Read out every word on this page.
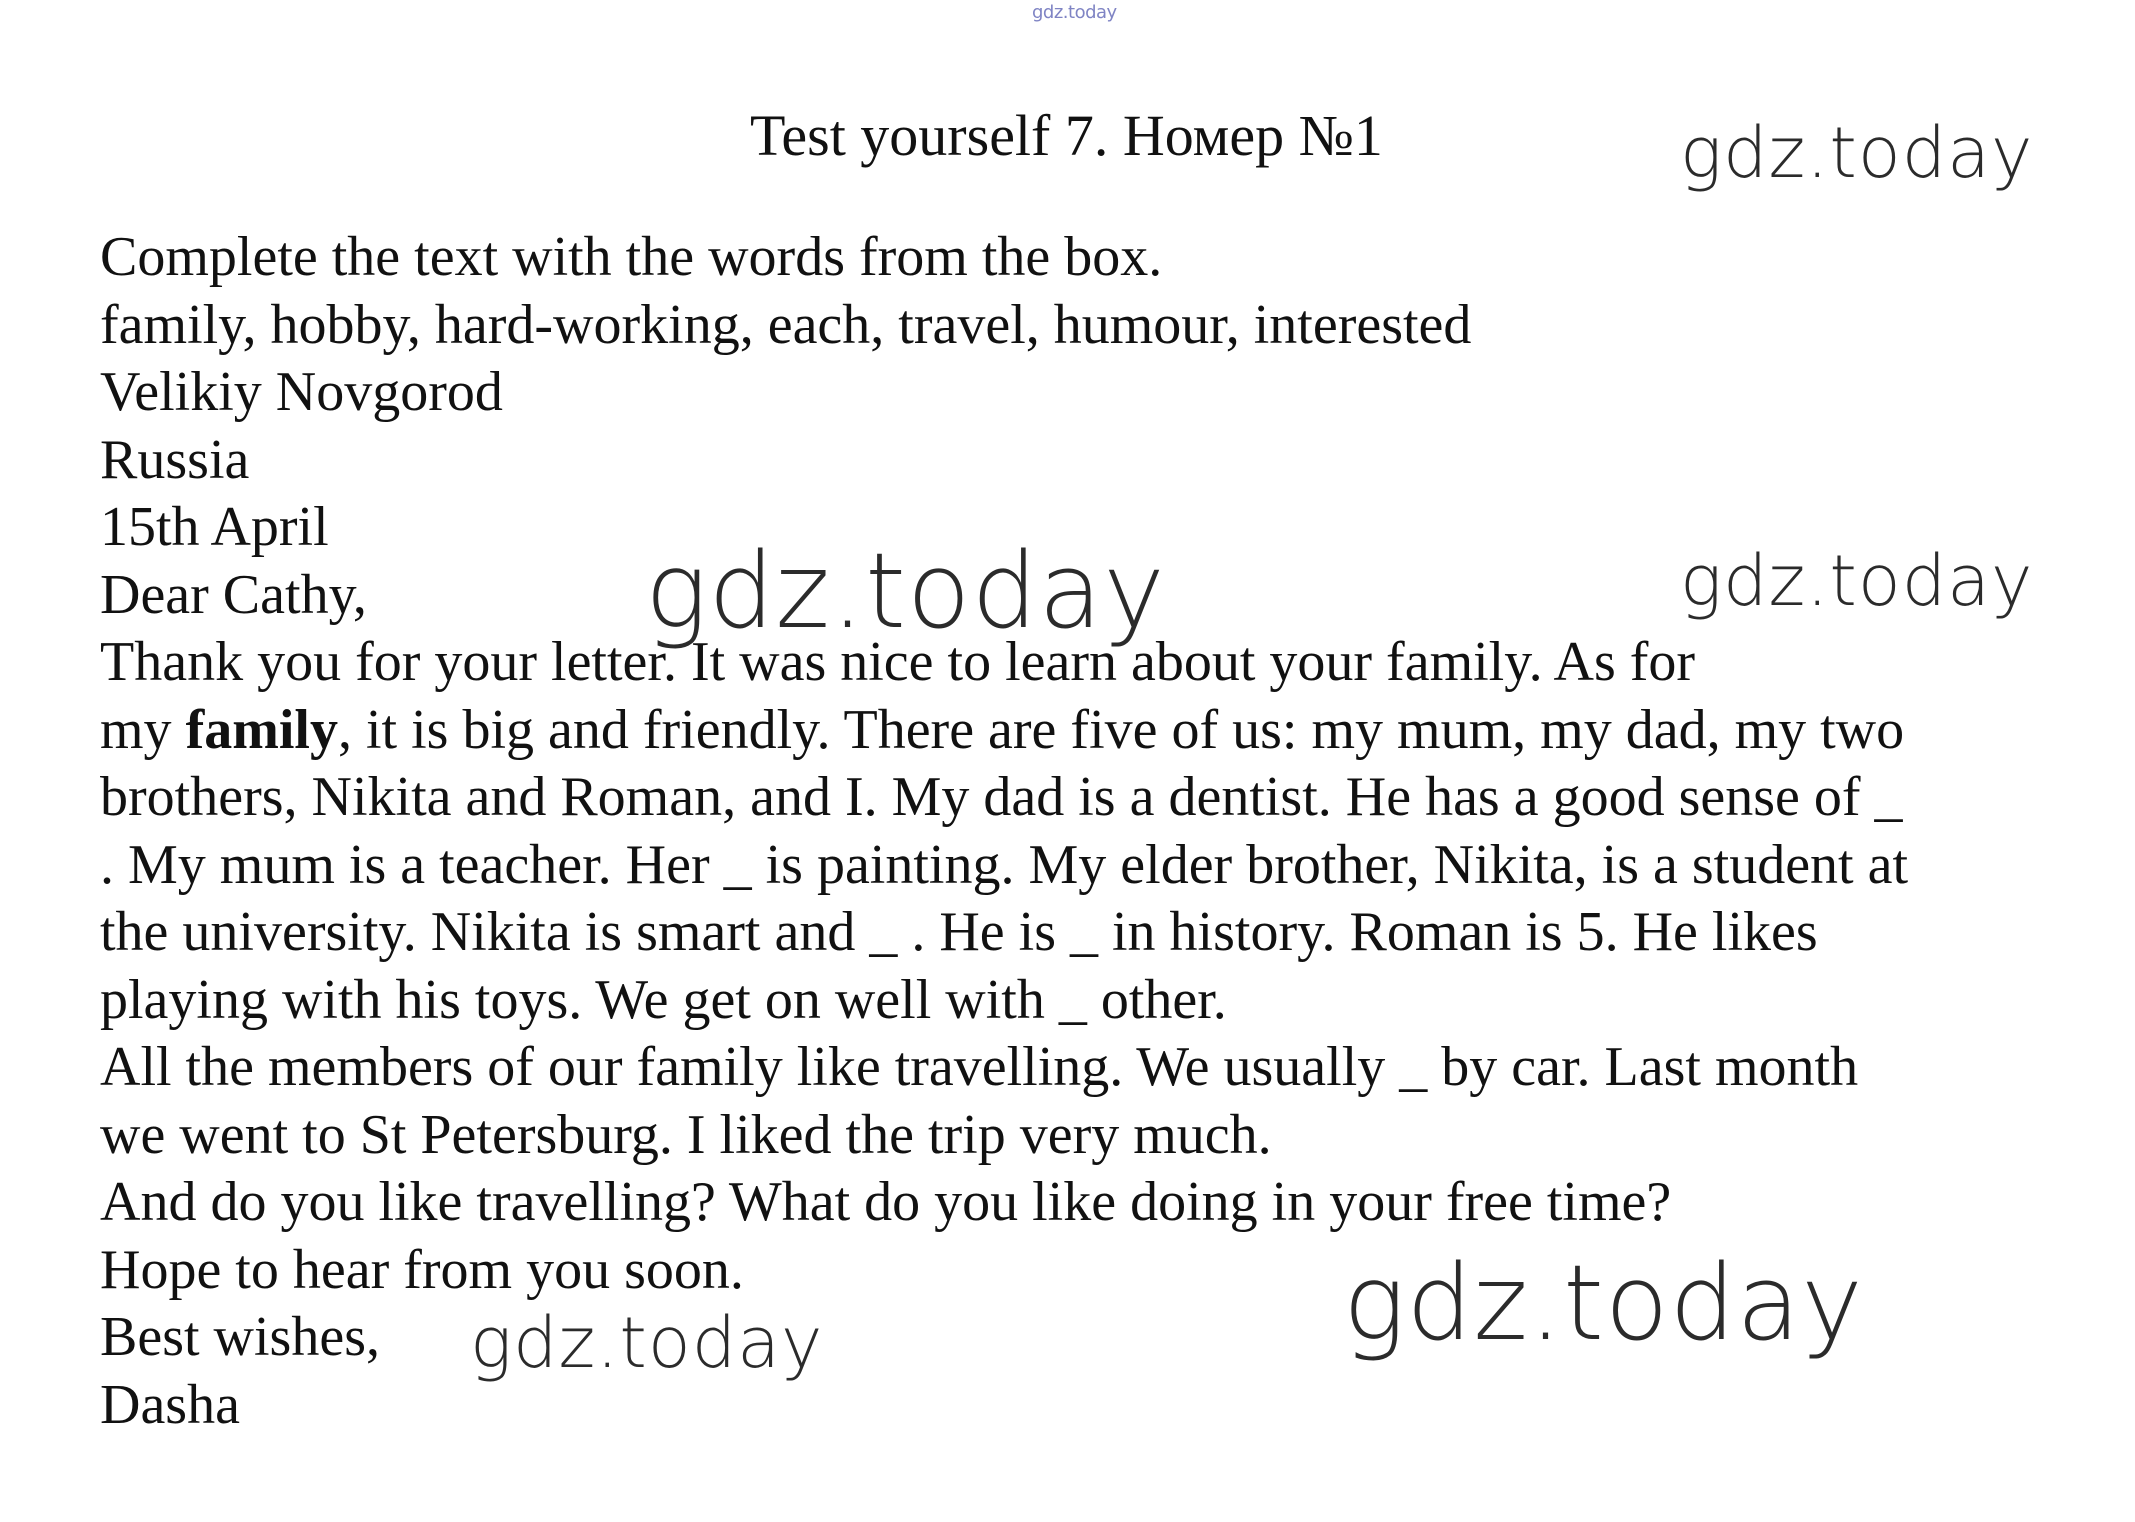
gdz.today
Test yourself 7. Номер №1	gdz.today
gdz.today	gdz.today
gdz.today
gdz.today
Complete the text with the words from the box.
family, hobby, hard-working, each, travel, humour, interested
Velikiy Novgorod
Russia
15th April
Dear Cathy,
Thank you for your letter. It was nice to learn about your family. As for
my family, it is big and friendly. There are five of us: my mum, my dad, my two
brothers, Nikita and Roman, and I. My dad is a dentist. He has a good sense of _
. My mum is a teacher. Her _ is painting. My elder brother, Nikita, is a student at
the university. Nikita is smart and _ . He is _ in history. Roman is 5. He likes
playing with his toys. We get on well with _ other.
All the members of our family like travelling. We usually _ by car. Last month
we went to St Petersburg. I liked the trip very much.
And do you like travelling? What do you like doing in your free time?
Hope to hear from you soon.
Best wishes,
Dasha
